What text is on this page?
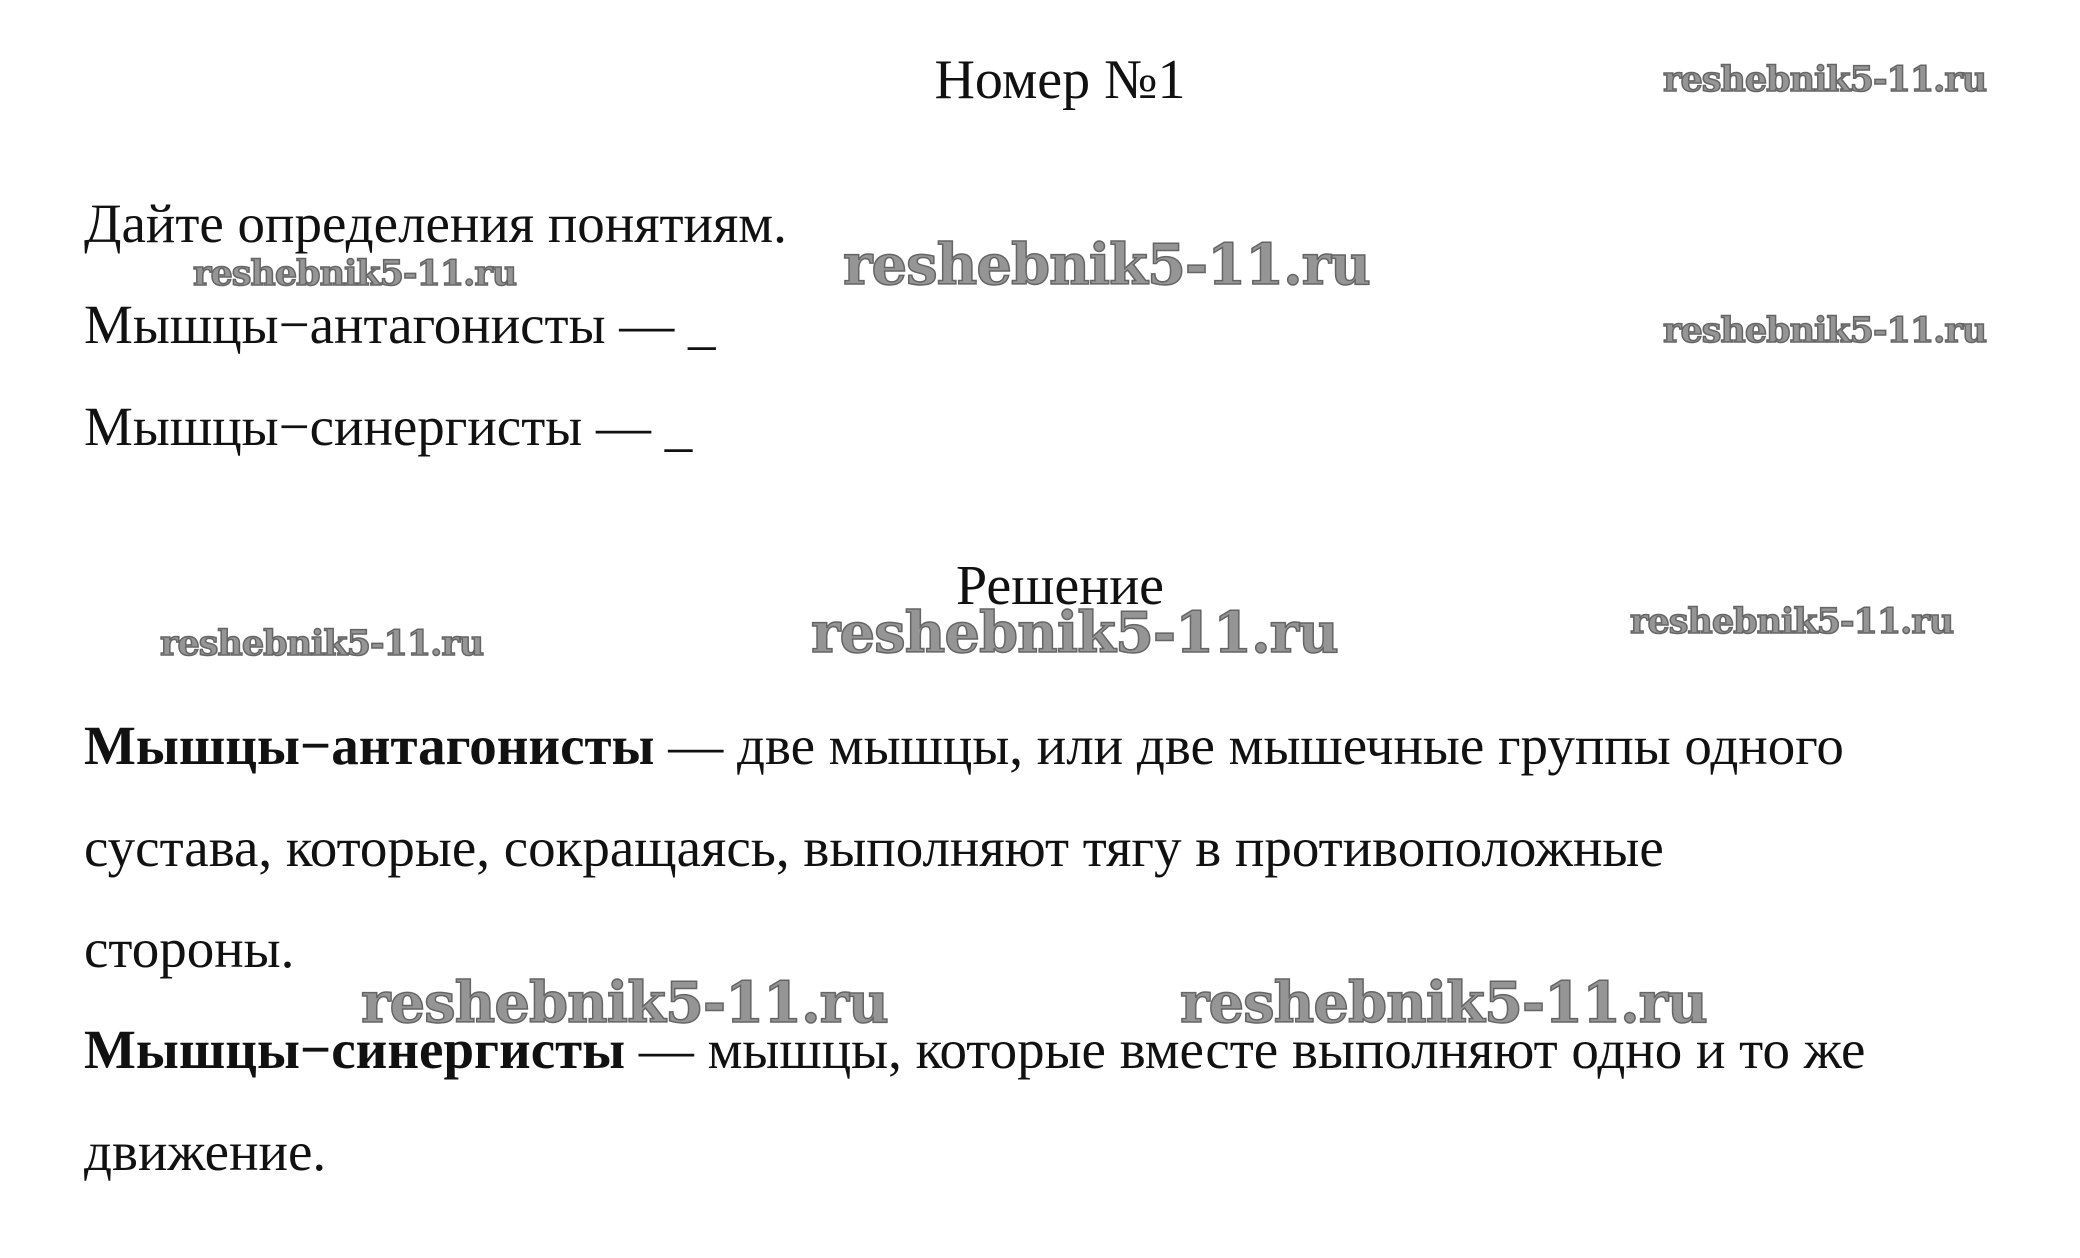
Номер №1
Дайте определения понятиям.
Мышцы−антагонисты — _
Мышцы−синергисты — _
Решение
Мышцы−антагонисты — две мышцы, или две мышечные группы одного
сустава, которые, сокращаясь, выполняют тягу в противоположные
стороны.
Мышцы−синергисты — мышцы, которые вместе выполняют одно и то же
движение.
reshebnik5-11.ru
reshebnik5-11.ru	reshebnik5-11.ru
reshebnik5-11.ru
reshebnik5-11.ru	reshebnik5-11.ru	reshebnik5-11.ru
reshebnik5-11.ru	reshebnik5-11.ru
